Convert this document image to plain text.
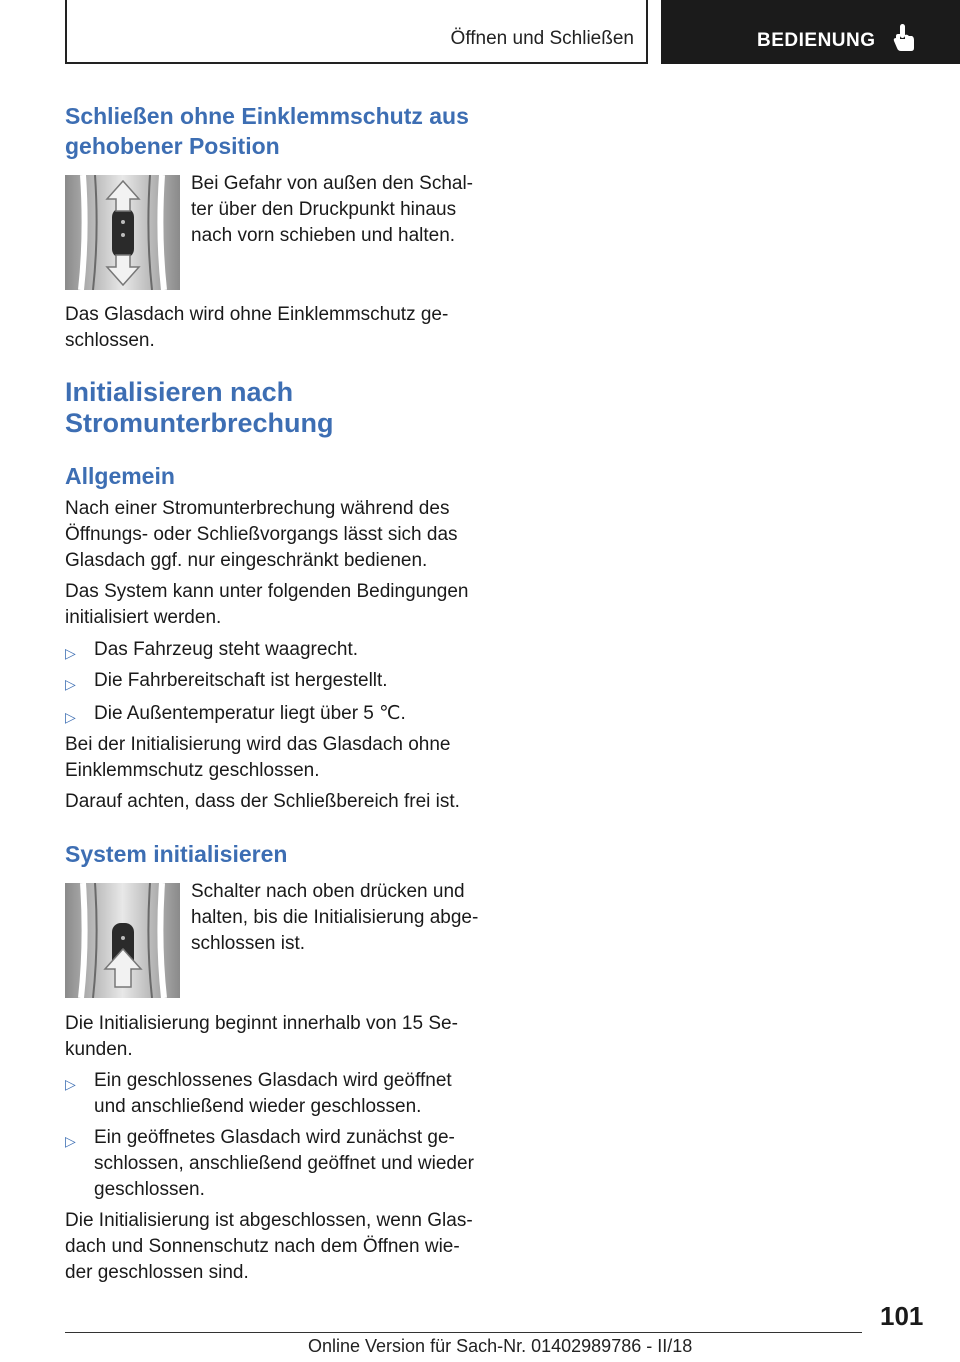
Öffnen und Schließen	BEDIENUNG
Schließen ohne Einklemmschutz aus
gehobener Position
Bei Gefahr von außen den Schal-
ter über den Druckpunkt hinaus
nach vorn schieben und halten.
Das Glasdach wird ohne Einklemmschutz ge-
schlossen.
Initialisieren nach
Stromunterbrechung
Allgemein
Nach einer Stromunterbrechung während des
Öffnungs- oder Schließvorgangs lässt sich das
Glasdach ggf. nur eingeschränkt bedienen.
Das System kann unter folgenden Bedingungen
initialisiert werden.
▷ Das Fahrzeug steht waagrecht.
▷ Die Fahrbereitschaft ist hergestellt.
▷ Die Außentemperatur liegt über 5 ℃.
Bei der Initialisierung wird das Glasdach ohne
Einklemmschutz geschlossen.
Darauf achten, dass der Schließbereich frei ist.
System initialisieren
Schalter nach oben drücken und
halten, bis die Initialisierung abge-
schlossen ist.
Die Initialisierung beginnt innerhalb von 15 Se-
kunden.
▷ Ein geschlossenes Glasdach wird geöffnet
und anschließend wieder geschlossen.
▷ Ein geöffnetes Glasdach wird zunächst ge-
schlossen, anschließend geöffnet und wieder
geschlossen.
Die Initialisierung ist abgeschlossen, wenn Glas-
dach und Sonnenschutz nach dem Öffnen wie-
der geschlossen sind.
101
Online Version für Sach-Nr. 01402989786 - II/18
